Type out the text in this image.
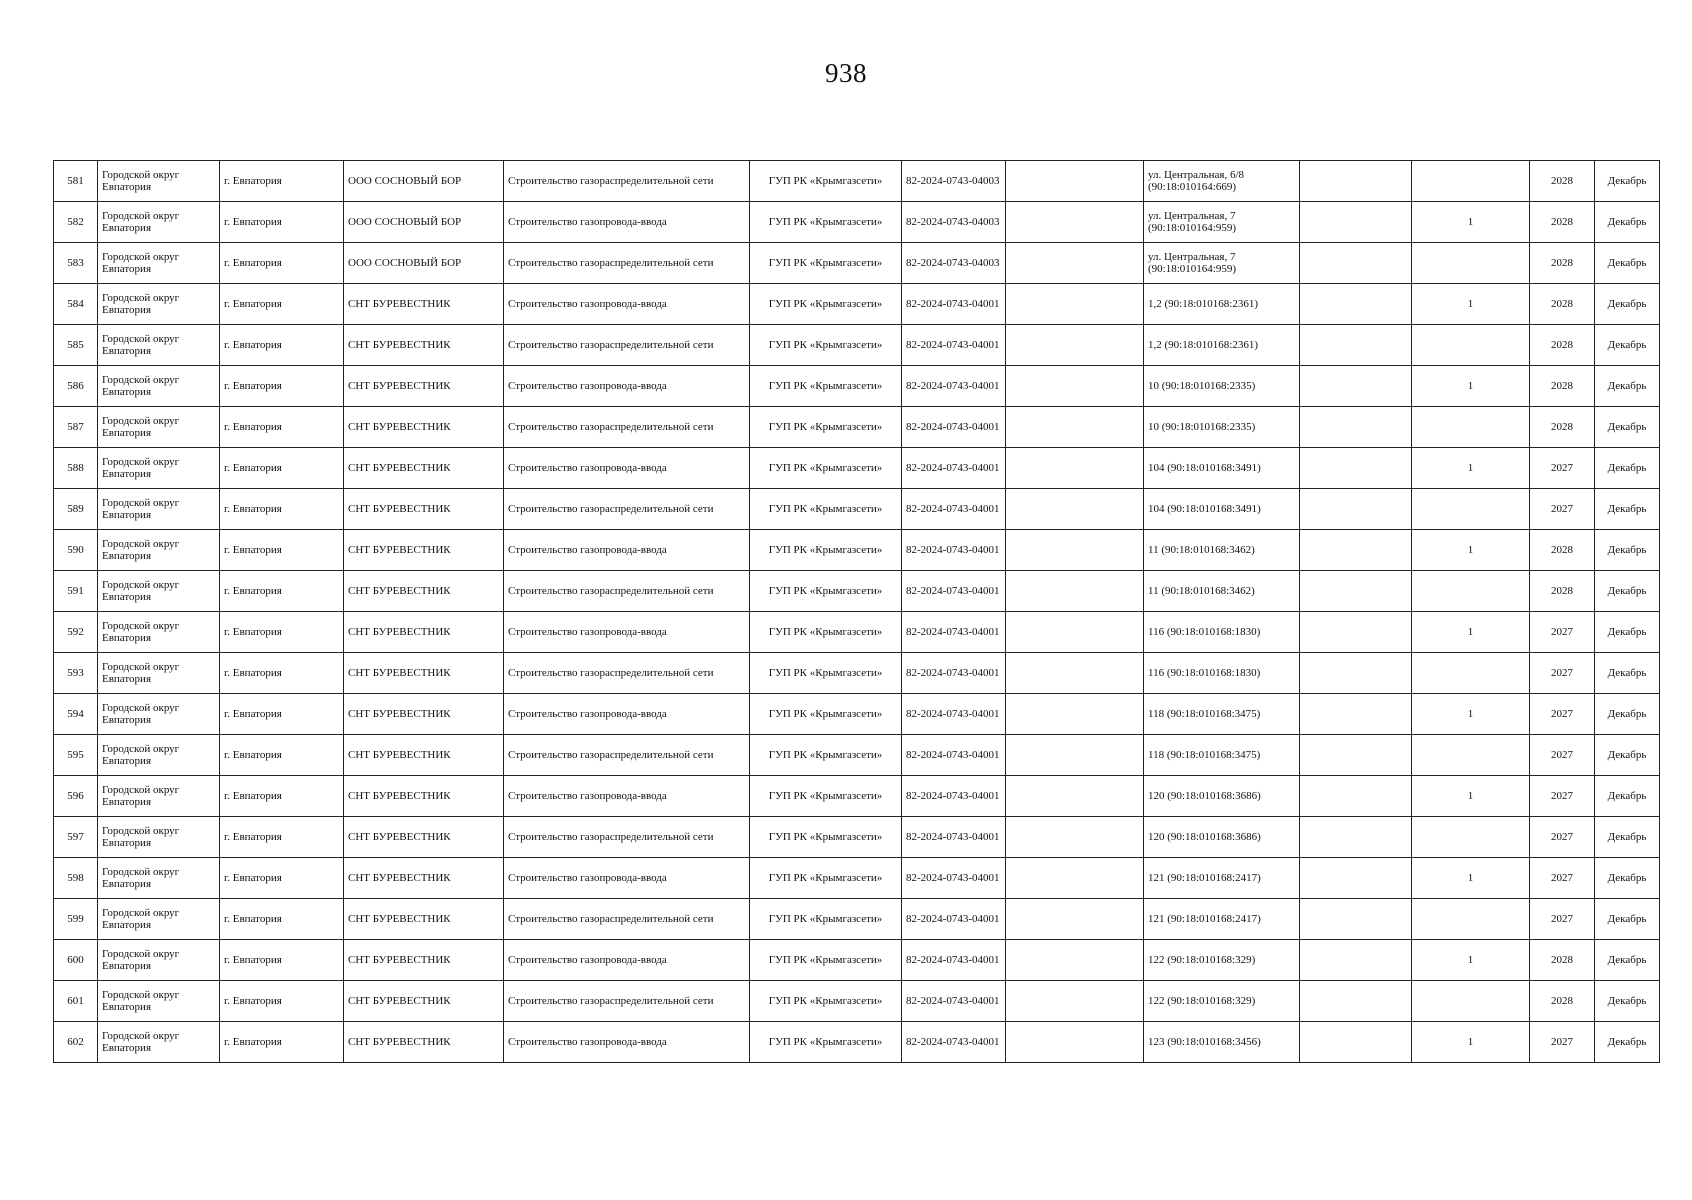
938
581	Городской округ Евпатория	г. Евпатория	ООО СОСНОВЫЙ БОР	Строительство газораспределительной сети	ГУП РК «Крымгазсети»	82-2024-0743-04003		ул. Центральная, 6/8 (90:18:010164:669)			2028	Декабрь
582	Городской округ Евпатория	г. Евпатория	ООО СОСНОВЫЙ БОР	Строительство газопровода-ввода	ГУП РК «Крымгазсети»	82-2024-0743-04003		ул. Центральная, 7 (90:18:010164:959)		1	2028	Декабрь
583	Городской округ Евпатория	г. Евпатория	ООО СОСНОВЫЙ БОР	Строительство газораспределительной сети	ГУП РК «Крымгазсети»	82-2024-0743-04003		ул. Центральная, 7 (90:18:010164:959)			2028	Декабрь
584	Городской округ Евпатория	г. Евпатория	СНТ БУРЕВЕСТНИК	Строительство газопровода-ввода	ГУП РК «Крымгазсети»	82-2024-0743-04001		1,2 (90:18:010168:2361)		1	2028	Декабрь
585	Городской округ Евпатория	г. Евпатория	СНТ БУРЕВЕСТНИК	Строительство газораспределительной сети	ГУП РК «Крымгазсети»	82-2024-0743-04001		1,2 (90:18:010168:2361)			2028	Декабрь
586	Городской округ Евпатория	г. Евпатория	СНТ БУРЕВЕСТНИК	Строительство газопровода-ввода	ГУП РК «Крымгазсети»	82-2024-0743-04001		10 (90:18:010168:2335)		1	2028	Декабрь
587	Городской округ Евпатория	г. Евпатория	СНТ БУРЕВЕСТНИК	Строительство газораспределительной сети	ГУП РК «Крымгазсети»	82-2024-0743-04001		10 (90:18:010168:2335)			2028	Декабрь
588	Городской округ Евпатория	г. Евпатория	СНТ БУРЕВЕСТНИК	Строительство газопровода-ввода	ГУП РК «Крымгазсети»	82-2024-0743-04001		104 (90:18:010168:3491)		1	2027	Декабрь
589	Городской округ Евпатория	г. Евпатория	СНТ БУРЕВЕСТНИК	Строительство газораспределительной сети	ГУП РК «Крымгазсети»	82-2024-0743-04001		104 (90:18:010168:3491)			2027	Декабрь
590	Городской округ Евпатория	г. Евпатория	СНТ БУРЕВЕСТНИК	Строительство газопровода-ввода	ГУП РК «Крымгазсети»	82-2024-0743-04001		11 (90:18:010168:3462)		1	2028	Декабрь
591	Городской округ Евпатория	г. Евпатория	СНТ БУРЕВЕСТНИК	Строительство газораспределительной сети	ГУП РК «Крымгазсети»	82-2024-0743-04001		11 (90:18:010168:3462)			2028	Декабрь
592	Городской округ Евпатория	г. Евпатория	СНТ БУРЕВЕСТНИК	Строительство газопровода-ввода	ГУП РК «Крымгазсети»	82-2024-0743-04001		116 (90:18:010168:1830)		1	2027	Декабрь
593	Городской округ Евпатория	г. Евпатория	СНТ БУРЕВЕСТНИК	Строительство газораспределительной сети	ГУП РК «Крымгазсети»	82-2024-0743-04001		116 (90:18:010168:1830)			2027	Декабрь
594	Городской округ Евпатория	г. Евпатория	СНТ БУРЕВЕСТНИК	Строительство газопровода-ввода	ГУП РК «Крымгазсети»	82-2024-0743-04001		118 (90:18:010168:3475)		1	2027	Декабрь
595	Городской округ Евпатория	г. Евпатория	СНТ БУРЕВЕСТНИК	Строительство газораспределительной сети	ГУП РК «Крымгазсети»	82-2024-0743-04001		118 (90:18:010168:3475)			2027	Декабрь
596	Городской округ Евпатория	г. Евпатория	СНТ БУРЕВЕСТНИК	Строительство газопровода-ввода	ГУП РК «Крымгазсети»	82-2024-0743-04001		120 (90:18:010168:3686)		1	2027	Декабрь
597	Городской округ Евпатория	г. Евпатория	СНТ БУРЕВЕСТНИК	Строительство газораспределительной сети	ГУП РК «Крымгазсети»	82-2024-0743-04001		120 (90:18:010168:3686)			2027	Декабрь
598	Городской округ Евпатория	г. Евпатория	СНТ БУРЕВЕСТНИК	Строительство газопровода-ввода	ГУП РК «Крымгазсети»	82-2024-0743-04001		121 (90:18:010168:2417)		1	2027	Декабрь
599	Городской округ Евпатория	г. Евпатория	СНТ БУРЕВЕСТНИК	Строительство газораспределительной сети	ГУП РК «Крымгазсети»	82-2024-0743-04001		121 (90:18:010168:2417)			2027	Декабрь
600	Городской округ Евпатория	г. Евпатория	СНТ БУРЕВЕСТНИК	Строительство газопровода-ввода	ГУП РК «Крымгазсети»	82-2024-0743-04001		122 (90:18:010168:329)		1	2028	Декабрь
601	Городской округ Евпатория	г. Евпатория	СНТ БУРЕВЕСТНИК	Строительство газораспределительной сети	ГУП РК «Крымгазсети»	82-2024-0743-04001		122 (90:18:010168:329)			2028	Декабрь
602	Городской округ Евпатория	г. Евпатория	СНТ БУРЕВЕСТНИК	Строительство газопровода-ввода	ГУП РК «Крымгазсети»	82-2024-0743-04001		123 (90:18:010168:3456)		1	2027	Декабрь
